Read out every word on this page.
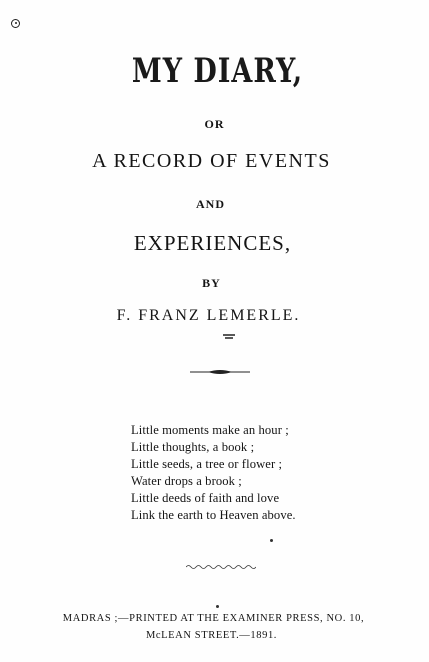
MY DIARY,
OR
A RECORD OF EVENTS
AND
EXPERIENCES,
BY
F. FRANZ LEMERLE.
Little moments make an hour ;
Little thoughts, a book ;
Little seeds, a tree or flower ;
Water drops a brook ;
Little deeds of faith and love
Link the earth to Heaven above.
MADRAS ;—PRINTED AT THE EXAMINER PRESS, NO. 10,
McLEAN STREET.—1891.
